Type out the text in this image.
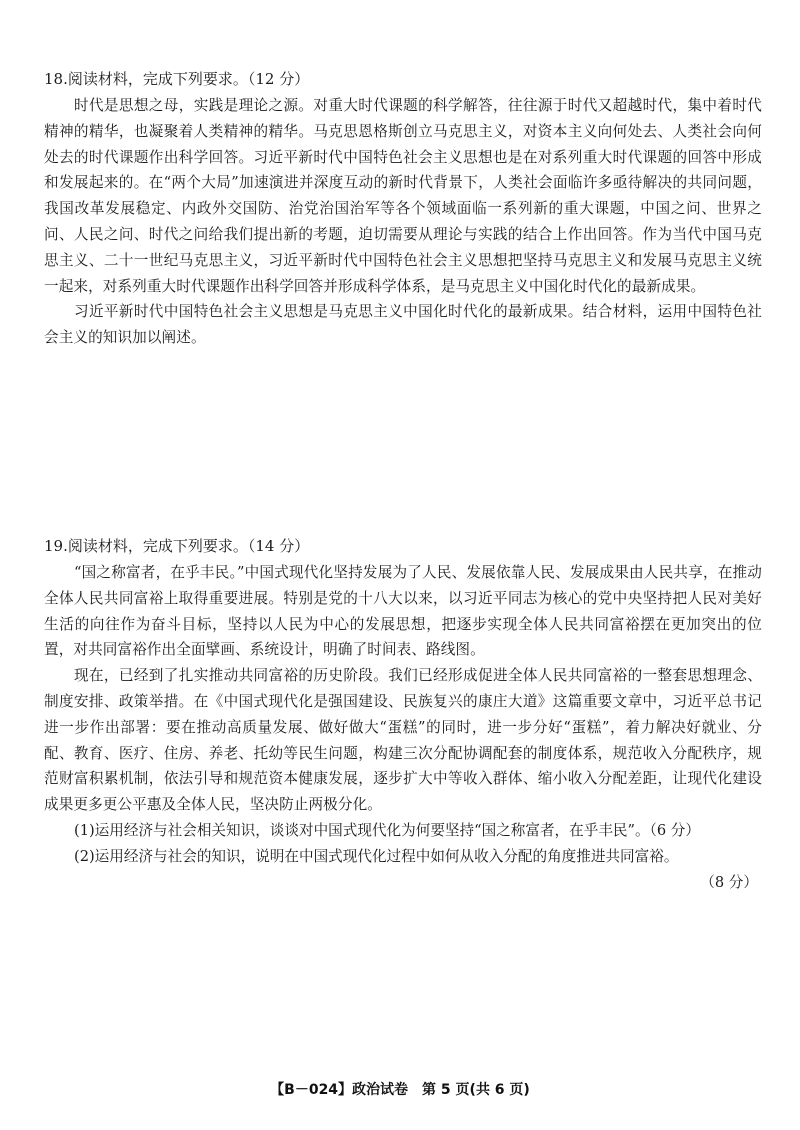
18.阅读材料，完成下列要求。（12 分）

时代是思想之母，实践是理论之源。对重大时代课题的科学解答，往往源于时代又超越时代，集中着时代精神的精华，也凝聚着人类精神的精华。马克思恩格斯创立马克思主义，对资本主义向何处去、人类社会向何处去的时代课题作出科学回答。习近平新时代中国特色社会主义思想也是在对系列重大时代课题的回答中形成和发展起来的。在“两个大局”加速演进并深度互动的新时代背景下，人类社会面临许多亟待解决的共同问题，我国改革发展稳定、内政外交国防、治党治国治军等各个领域面临一系列新的重大课题，中国之问、世界之问、人民之问、时代之问给我们提出新的考题，迫切需要从理论与实践的结合上作出回答。作为当代中国马克思主义、二十一世纪马克思主义，习近平新时代中国特色社会主义思想把坚持马克思主义和发展马克思主义统一起来，对系列重大时代课题作出科学回答并形成科学体系，是马克思主义中国化时代化的最新成果。

习近平新时代中国特色社会主义思想是马克思主义中国化时代化的最新成果。结合材料，运用中国特色社会主义的知识加以阐述。

19.阅读材料，完成下列要求。（14 分）

“国之称富者，在乎丰民。”中国式现代化坚持发展为了人民、发展依靠人民、发展成果由人民共享，在推动全体人民共同富裕上取得重要进展。特别是党的十八大以来，以习近平同志为核心的党中央坚持把人民对美好生活的向往作为奋斗目标，坚持以人民为中心的发展思想，把逐步实现全体人民共同富裕摆在更加突出的位置，对共同富裕作出全面擘画、系统设计，明确了时间表、路线图。

现在，已经到了扎实推动共同富裕的历史阶段。我们已经形成促进全体人民共同富裕的一整套思想理念、制度安排、政策举措。在《中国式现代化是强国建设、民族复兴的康庄大道》这篇重要文章中，习近平总书记进一步作出部署：要在推动高质量发展、做好做大“蛋糕”的同时，进一步分好“蛋糕”，着力解决好就业、分配、教育、医疗、住房、养老、托幼等民生问题，构建三次分配协调配套的制度体系，规范收入分配秩序，规范财富积累机制，依法引导和规范资本健康发展，逐步扩大中等收入群体、缩小收入分配差距，让现代化建设成果更多更公平惠及全体人民，坚决防止两极分化。

(1)运用经济与社会相关知识，谈谈对中国式现代化为何要坚持“国之称富者，在乎丰民”。（6 分）

(2)运用经济与社会的知识，说明在中国式现代化过程中如何从收入分配的角度推进共同富裕。

（8 分）

【B－024】政治试卷　第 5 页(共 6 页)
